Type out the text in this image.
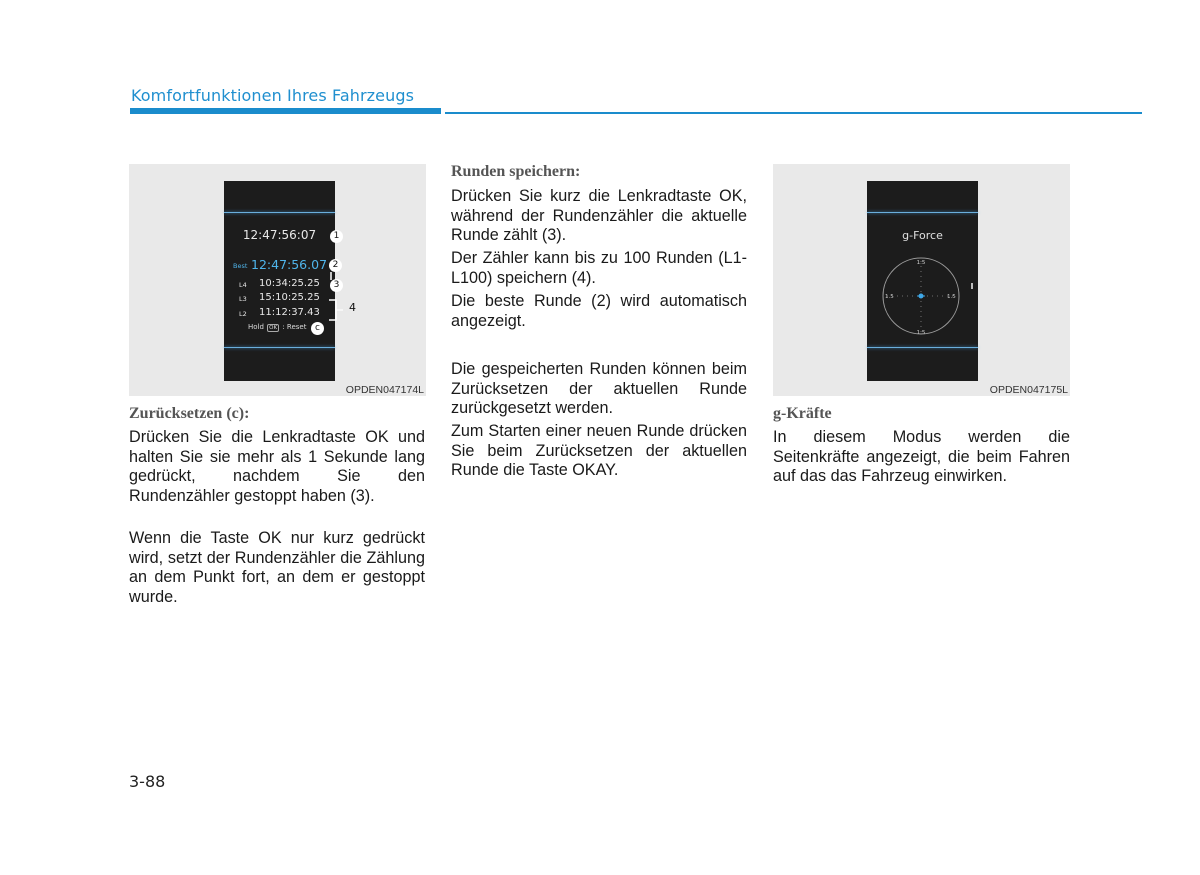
Komfortfunktionen Ihres Fahrzeugs
12:47:56:07
Best 12:47:56.07
L4 10:34:25.25
L3 15:10:25.25
L2 11:12:37.43
Hold OK : Reset
1
2
3
4
c
OPDEN047174L
g-Force
1.5
1.5
1.5	1.5
OPDEN047175L
Zurücksetzen (c):
Drücken Sie die Lenkradtaste OK und halten Sie sie mehr als 1 Sekunde lang gedrückt, nachdem Sie den Rundenzähler gestoppt haben (3).
Wenn die Taste OK nur kurz gedrückt wird, setzt der Rundenzähler die Zählung an dem Punkt fort, an dem er gestoppt wurde.
Runden speichern:
Drücken Sie kurz die Lenkradtaste OK, während der Rundenzähler die aktuelle Runde zählt (3).
Der Zähler kann bis zu 100 Runden (L1-L100) speichern (4).
Die beste Runde (2) wird automatisch angezeigt.
Die gespeicherten Runden können beim Zurücksetzen der aktuellen Runde zurückgesetzt werden.
Zum Starten einer neuen Runde drücken Sie beim Zurücksetzen der aktuellen Runde die Taste OKAY.
g-Kräfte
In diesem Modus werden die Seitenkräfte angezeigt, die beim Fahren auf das das Fahrzeug einwirken.
3-88
